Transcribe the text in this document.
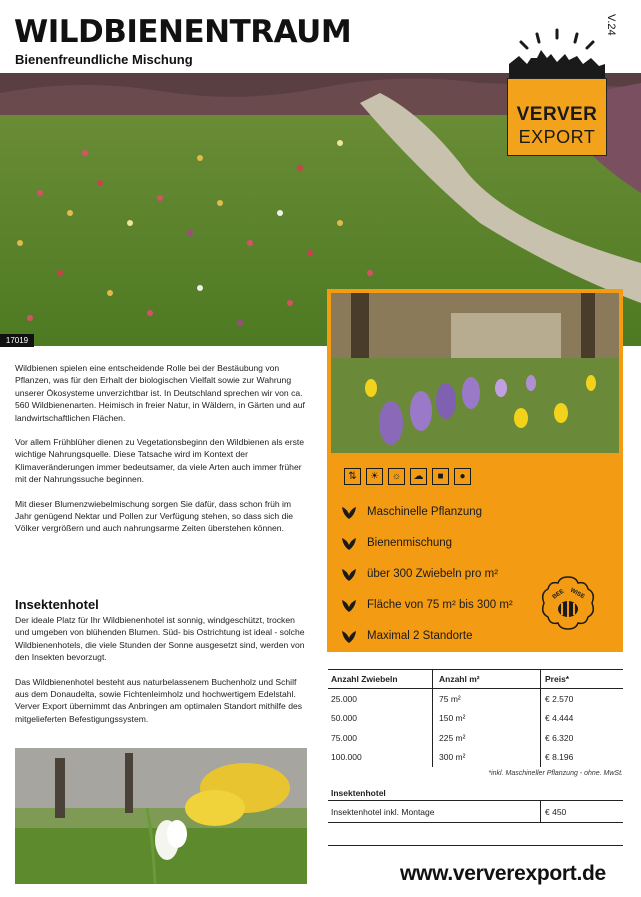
WILDBIENENTRAUM
Bienenfreundliche Mischung
V.24
17019
VERVER
EXPORT

Wildbienen spielen eine entscheidende Rolle bei der Bestäubung von Pflanzen, was für den Erhalt der biologischen Vielfalt sowie zur Wahrung unserer Ökosysteme unverzichtbar ist. In Deutschland sprechen wir von ca. 560 Wildbienenarten. Heimisch in freier Natur, in Wäldern, in Gärten und auf landwirtschaftlichen Flächen.

Vor allem Frühblüher dienen zu Vegetationsbeginn den Wildbienen als erste wichtige Nahrungsquelle. Diese Tatsache wird im Kontext der Klimaveränderungen immer bedeutsamer, da viele Arten auch immer früher mit der Nahrungssuche beginnen.

Mit dieser Blumenzwiebelmischung sorgen Sie dafür, dass schon früh im Jahr genügend Nektar und Pollen zur Verfügung stehen, so dass sich die Völker vergrößern und auch nahrungsarme Zeiten überstehen können.

Insektenhotel

Der ideale Platz für Ihr Wildbienenhotel ist sonnig, windgeschützt, trocken und umgeben von blühenden Blumen. Süd- bis Ostrichtung ist ideal - solche Wildbienenhotels, die viele Stunden der Sonne ausgesetzt sind, werden von den Insekten bevorzugt.

Das Wildbienenhotel besteht aus naturbelassenem Buchenholz und Schilf aus dem Donaudelta, sowie Fichtenleimholz und hochwertigem Edelstahl. Verver Export übernimmt das Anbringen am optimalen Standort mithilfe des mitgelieferten Befestigungssystem.

⇅	☀	☼	☁	■	●
Maschinelle Pflanzung
Bienenmischung
über 300 Zwiebeln pro m²
Fläche von 75 m² bis 300 m²
Maximal 2 Standorte
BEE WISE
Anzahl Zwiebeln	Anzahl m²	Preis*
25.000	75 m²	€ 2.570
50.000	150 m²	€ 4.444
75.000	225 m²	€ 6.320
100.000	300 m²	€ 8.196
*inkl. Maschineller Pflanzung - ohne. MwSt.
Insektenhotel
Insektenhotel inkl. Montage	€ 450
www.ververexport.de
